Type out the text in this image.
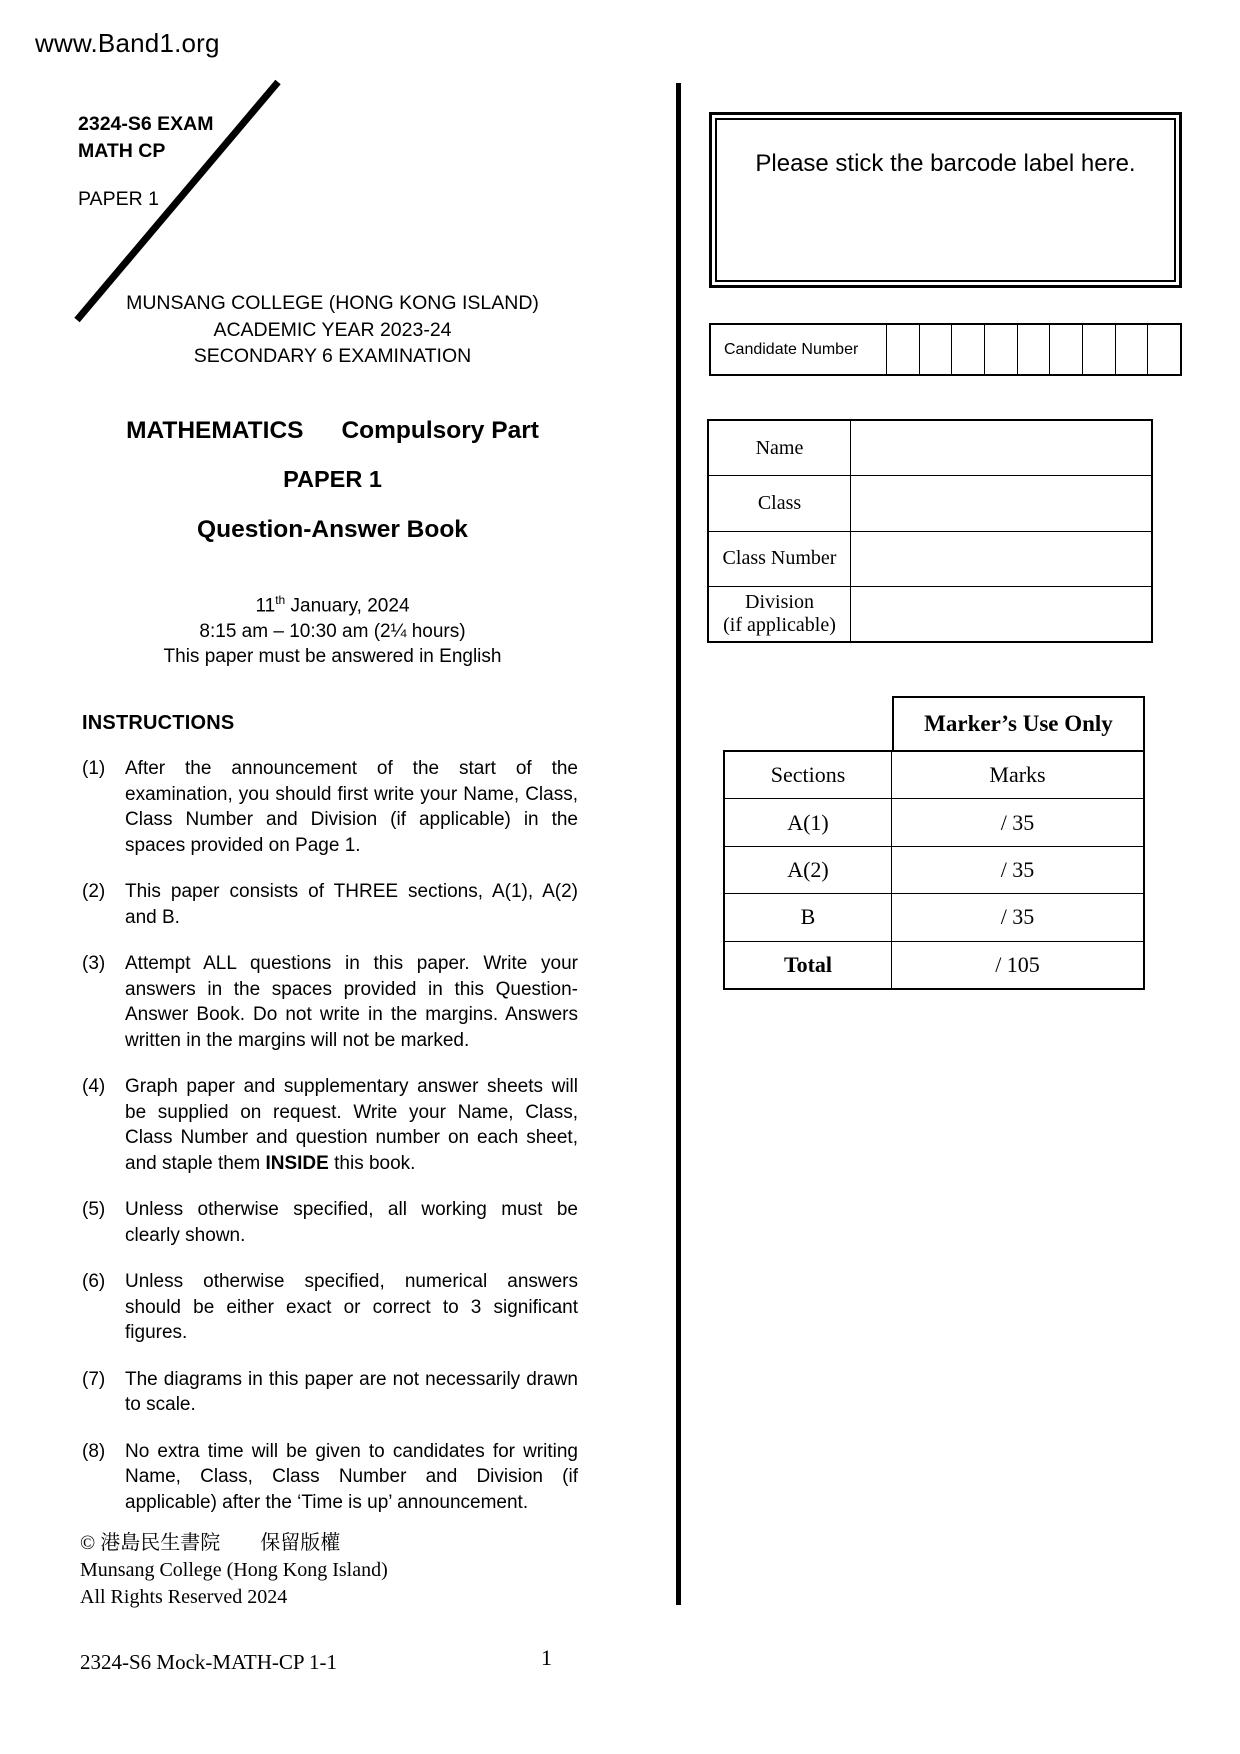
www.Band1.org
2324-S6 EXAM
MATH CP
PAPER 1
MUNSANG COLLEGE (HONG KONG ISLAND)
ACADEMIC YEAR 2023-24
SECONDARY 6 EXAMINATION
MATHEMATICS Compulsory Part
PAPER 1
Question-Answer Book
11th January, 2024
8:15 am – 10:30 am (2¼ hours)
This paper must be answered in English
INSTRUCTIONS
(1)	After the announcement of the start of the examination, you should first write your Name, Class, Class Number and Division (if applicable) in the spaces provided on Page 1.
(2)	This paper consists of THREE sections, A(1), A(2) and B.
(3)	Attempt ALL questions in this paper. Write your answers in the spaces provided in this Question-Answer Book. Do not write in the margins. Answers written in the margins will not be marked.
(4)	Graph paper and supplementary answer sheets will be supplied on request. Write your Name, Class, Class Number and question number on each sheet, and staple them INSIDE this book.
(5)	Unless otherwise specified, all working must be clearly shown.
(6)	Unless otherwise specified, numerical answers should be either exact or correct to 3 significant figures.
(7)	The diagrams in this paper are not necessarily drawn to scale.
(8)	No extra time will be given to candidates for writing Name, Class, Class Number and Division (if applicable) after the ‘Time is up’ announcement.
© 港島民生書院　　保留版權
Munsang College (Hong Kong Island)
All Rights Reserved 2024
2324-S6 Mock-MATH-CP 1-1	1
Please stick the barcode label here.
Candidate Number
Name
Class
Class Number
Division
(if applicable)
Marker’s Use Only
Sections	Marks
A(1)	/ 35
A(2)	/ 35
B	/ 35
Total	/ 105
